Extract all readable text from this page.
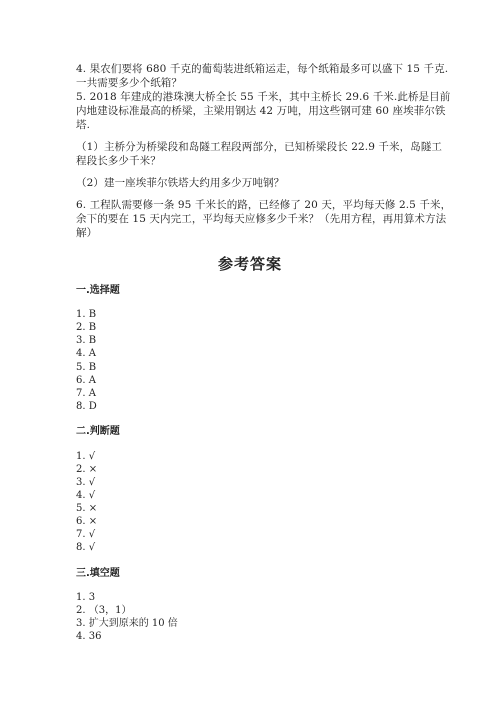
4. 果农们要将 680 千克的葡萄装进纸箱运走，每个纸箱最多可以盛下 15 千克.
一共需要多少个纸箱？
5. 2018 年建成的港珠澳大桥全长 55 千米，其中主桥长 29.6 千米.此桥是目前
内地建设标准最高的桥梁，主梁用钢达 42 万吨，用这些钢可建 60 座埃菲尔铁
塔.
（1）主桥分为桥梁段和岛隧工程段两部分，已知桥梁段长 22.9 千米，岛隧工
程段长多少千米？
（2）建一座埃菲尔铁塔大约用多少万吨钢？
6. 工程队需要修一条 95 千米长的路，已经修了 20 天，平均每天修 2.5 千米，
余下的要在 15 天内完工，平均每天应修多少千米？（先用方程，再用算术方法
解）
参考答案
一.选择题
1. B
2. B
3. B
4. A
5. B
6. A
7. A
8. D
二.判断题
1. √
2. ×
3. √
4. √
5. ×
6. ×
7. √
8. √
三.填空题
1. 3
2. （3，1）
3. 扩大到原来的 10 倍
4. 36
